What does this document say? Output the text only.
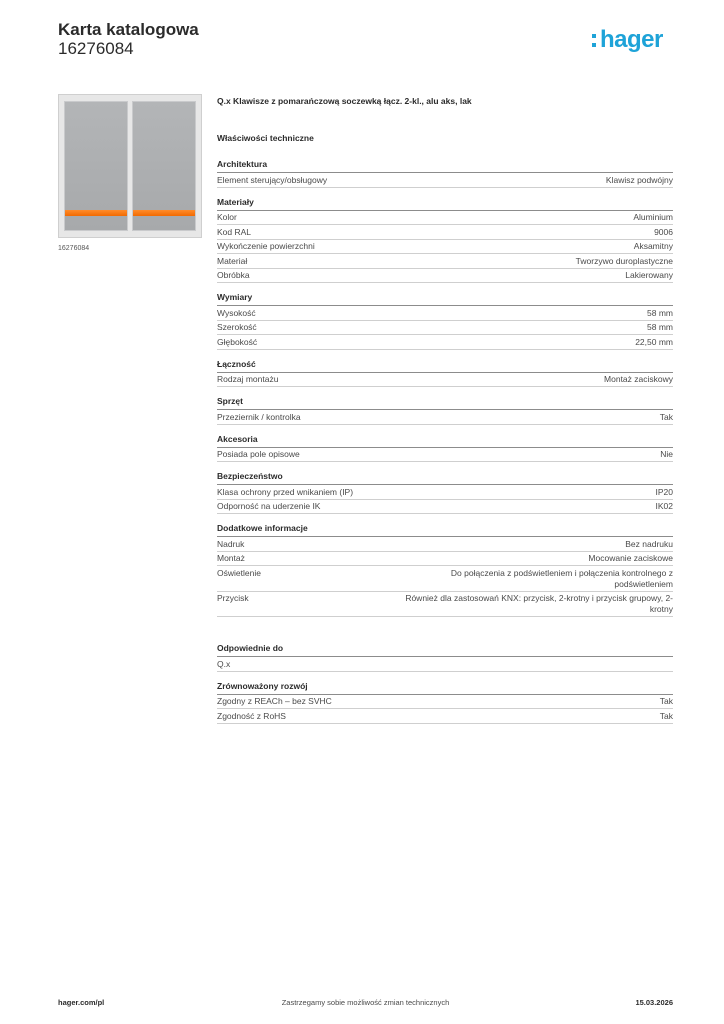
Karta katalogowa
16276084	hager
16276084
Q.x Klawisze z pomarańczową soczewką łącz. 2-kl., alu aks, lak
Właściwości techniczne
Architektura
Element sterujący/obsługowy	Klawisz podwójny
Materiały
Kolor	Aluminium
Kod RAL	9006
Wykończenie powierzchni	Aksamitny
Materiał	Tworzywo duroplastyczne
Obróbka	Lakierowany
Wymiary
Wysokość	58 mm
Szerokość	58 mm
Głębokość	22,50 mm
Łączność
Rodzaj montażu	Montaż zaciskowy
Sprzęt
Przeziernik / kontrolka	Tak
Akcesoria
Posiada pole opisowe	Nie
Bezpieczeństwo
Klasa ochrony przed wnikaniem (IP)	IP20
Odporność na uderzenie IK	IK02
Dodatkowe informacje
Nadruk	Bez nadruku
Montaż	Mocowanie zaciskowe
Oświetlenie	Do połączenia z podświetleniem i połączenia kontrolnego z podświetleniem
Przycisk	Również dla zastosowań KNX: przycisk, 2-krotny i przycisk grupowy, 2-krotny
Odpowiednie do
Q.x
Zrównoważony rozwój
Zgodny z REACh – bez SVHC	Tak
Zgodność z RoHS	Tak
hager.com/pl	Zastrzegamy sobie możliwość zmian technicznych	15.03.2026
